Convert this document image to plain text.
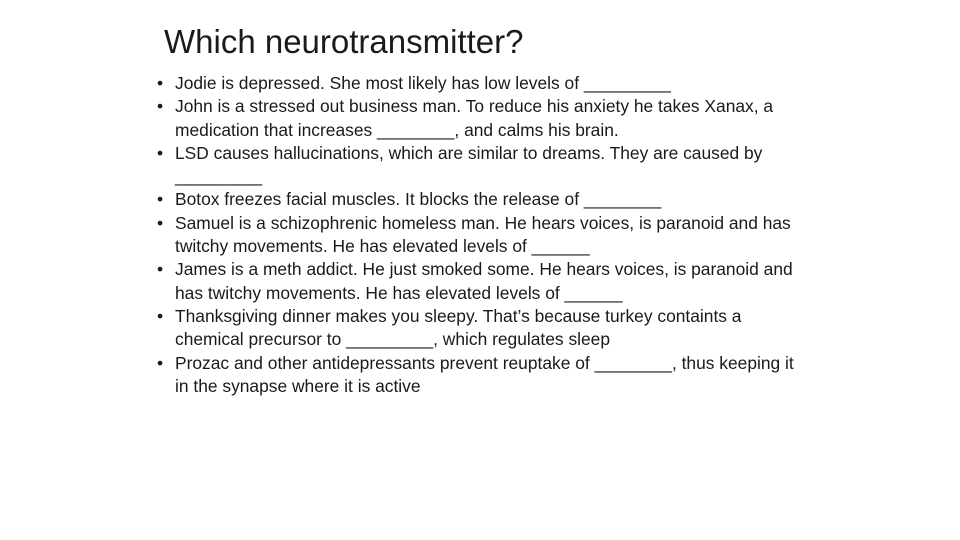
Which neurotransmitter?
• Jodie is depressed. She most likely has low levels of _________
• John is a stressed out business man. To reduce his anxiety he takes Xanax, a medication that increases ________, and calms his brain.
• LSD causes hallucinations, which are similar to dreams. They are caused by _________
• Botox freezes facial muscles. It blocks the release of ________
• Samuel is a schizophrenic homeless man. He hears voices, is paranoid and has twitchy movements. He has elevated levels of ______
• James is a meth addict. He just smoked some. He hears voices, is paranoid and has twitchy movements. He has elevated levels of ______
• Thanksgiving dinner makes you sleepy. That’s because turkey containts a chemical precursor to _________, which regulates sleep
• Prozac and other antidepressants prevent reuptake of ________, thus keeping it in the synapse where it is active
